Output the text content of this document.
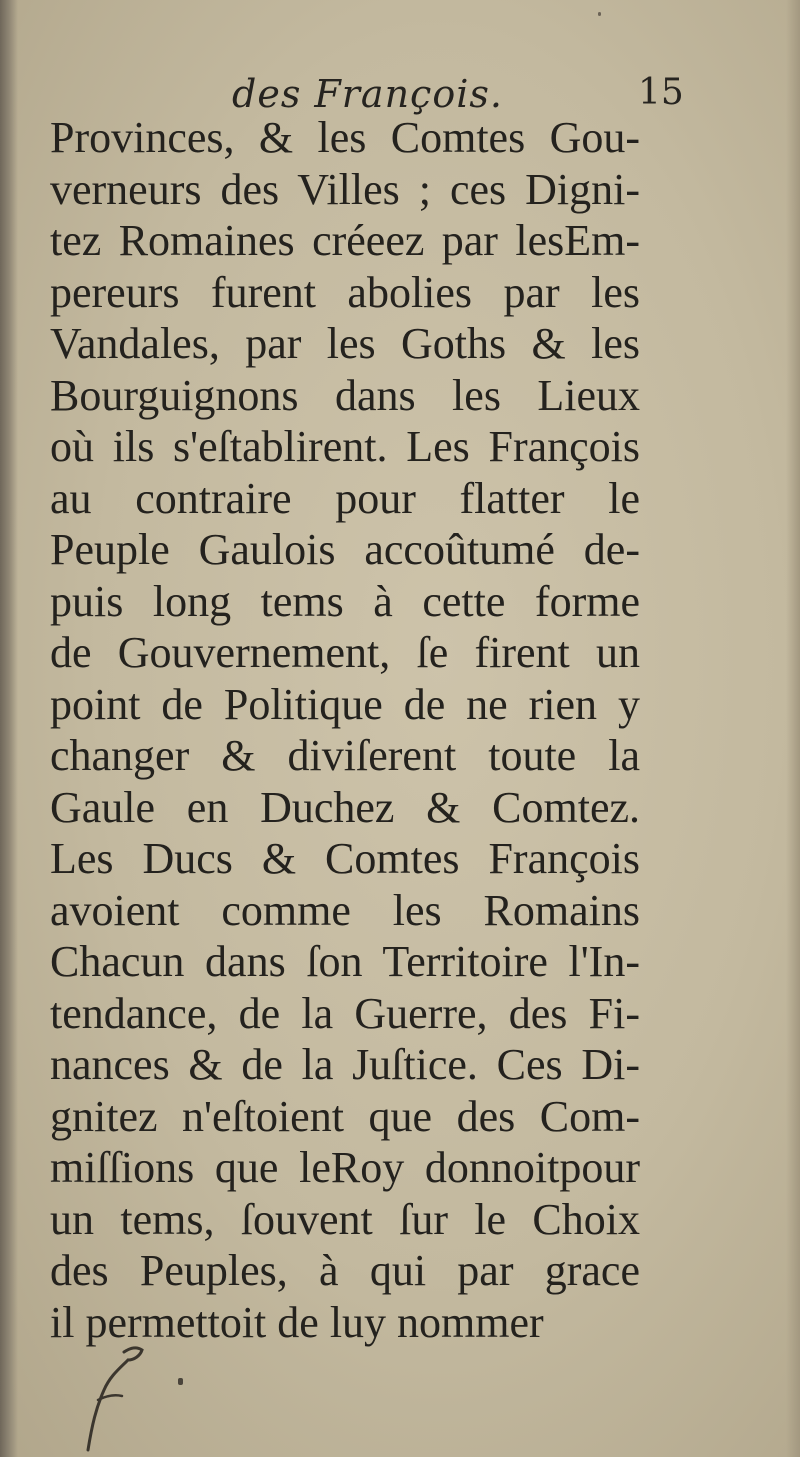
des François.	15
Provinces, & les Comtes Gou-
verneurs des Villes ; ces Digni-
tez Romaines créeez par lesEm-
pereurs furent abolies par les
Vandales, par les Goths & les
Bourguignons dans les Lieux
où ils s'eſtablirent. Les François
au contraire pour flatter le
Peuple Gaulois accoûtumé de-
puis long tems à cette forme
de Gouvernement, ſe firent un
point de Politique de ne rien y
changer & diviſerent toute la
Gaule en Duchez & Comtez.
Les Ducs & Comtes François
avoient comme les Romains
Chacun dans ſon Territoire l'In-
tendance, de la Guerre, des Fi-
nances & de la Juſtice. Ces Di-
gnitez n'eſtoient que des Com-
miſſions que leRoy donnoitpour
un tems, ſouvent ſur le Choix
des Peuples, à qui par grace
il permettoit de luy nommer
